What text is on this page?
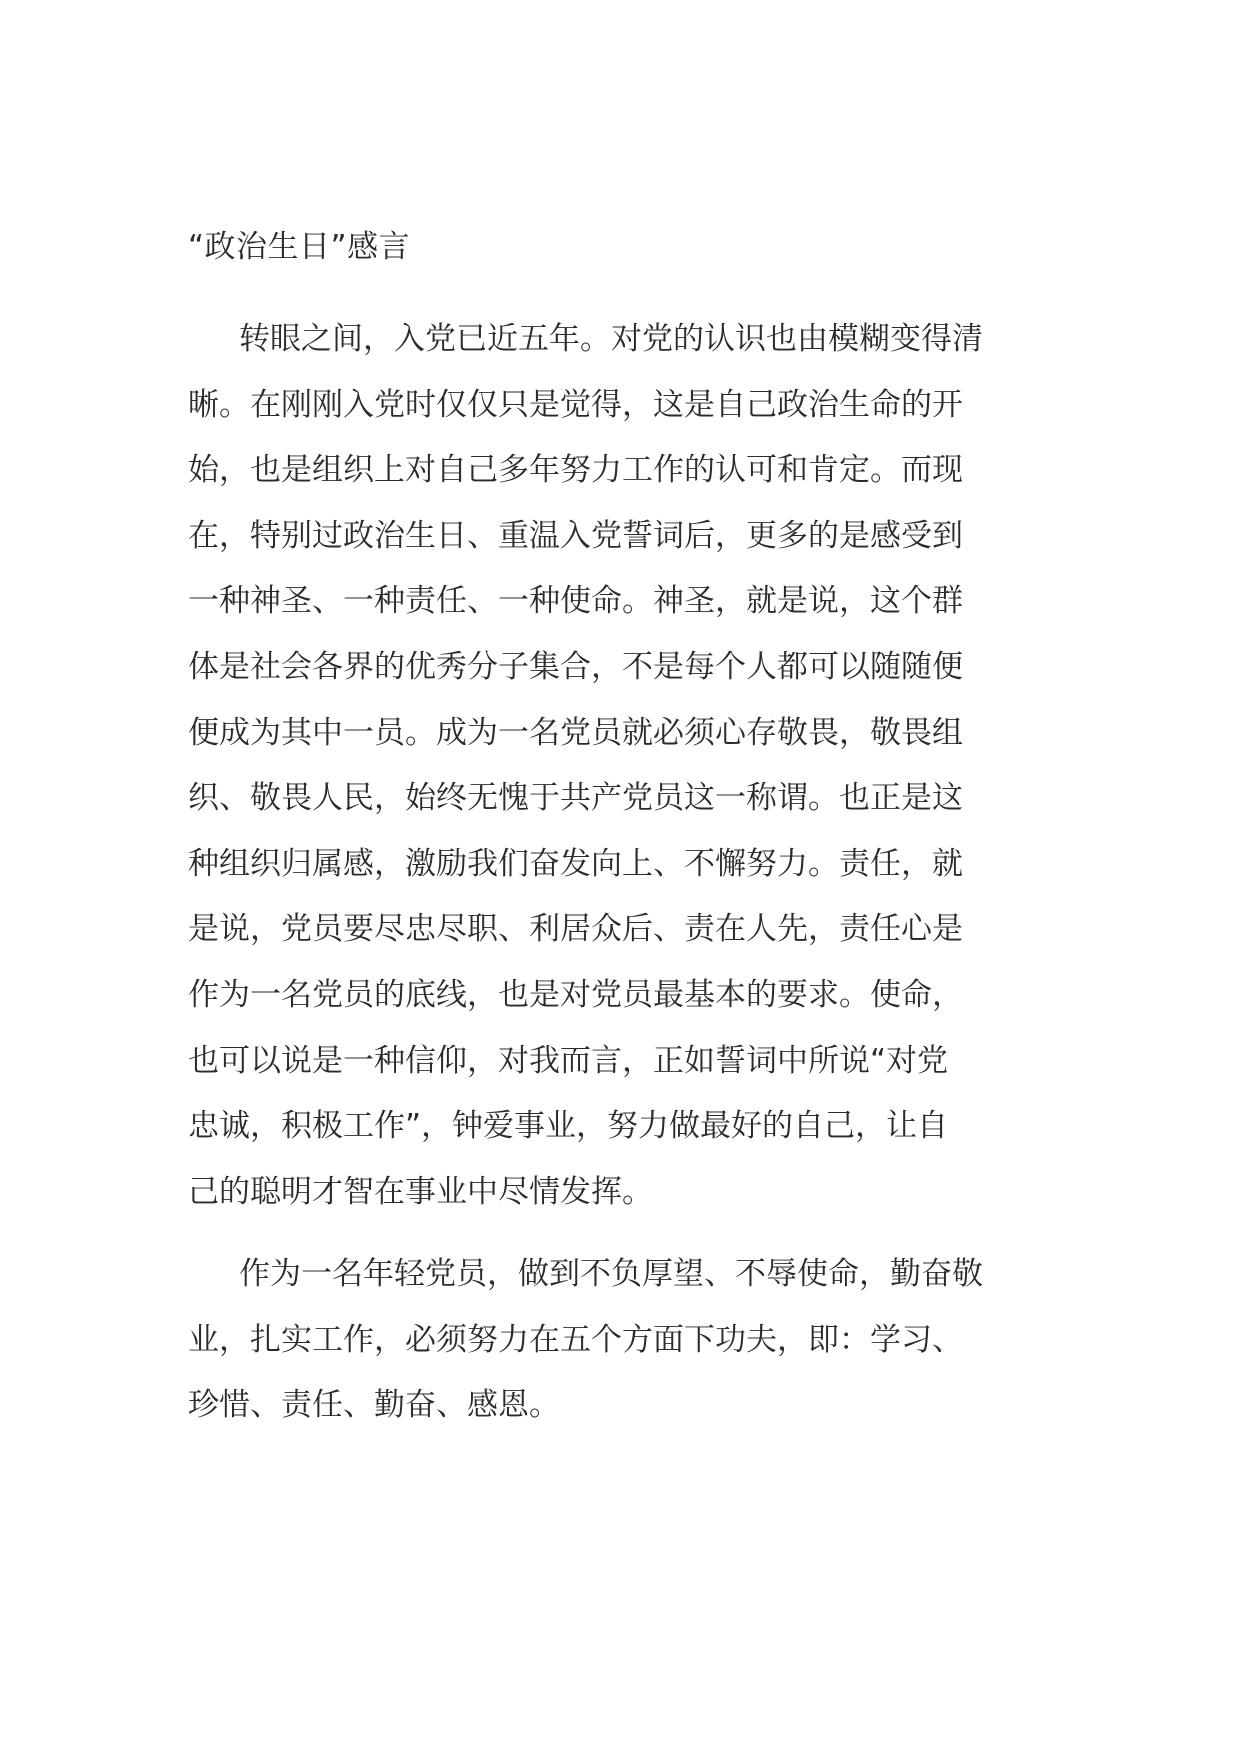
“政治生日”感言
转眼之间，入党已近五年。对党的认识也由模糊变得清
晰。在刚刚入党时仅仅只是觉得，这是自己政治生命的开
始，也是组织上对自己多年努力工作的认可和肯定。而现
在，特别过政治生日、重温入党誓词后，更多的是感受到
一种神圣、一种责任、一种使命。神圣，就是说，这个群
体是社会各界的优秀分子集合，不是每个人都可以随随便
便成为其中一员。成为一名党员就必须心存敬畏，敬畏组
织、敬畏人民，始终无愧于共产党员这一称谓。也正是这
种组织归属感，激励我们奋发向上、不懈努力。责任，就
是说，党员要尽忠尽职、利居众后、责在人先，责任心是
作为一名党员的底线，也是对党员最基本的要求。使命，
也可以说是一种信仰，对我而言，正如誓词中所说“对党
忠诚，积极工作”，钟爱事业，努力做最好的自己，让自
己的聪明才智在事业中尽情发挥。
作为一名年轻党员，做到不负厚望、不辱使命，勤奋敬
业，扎实工作，必须努力在五个方面下功夫，即：学习、
珍惜、责任、勤奋、感恩。
